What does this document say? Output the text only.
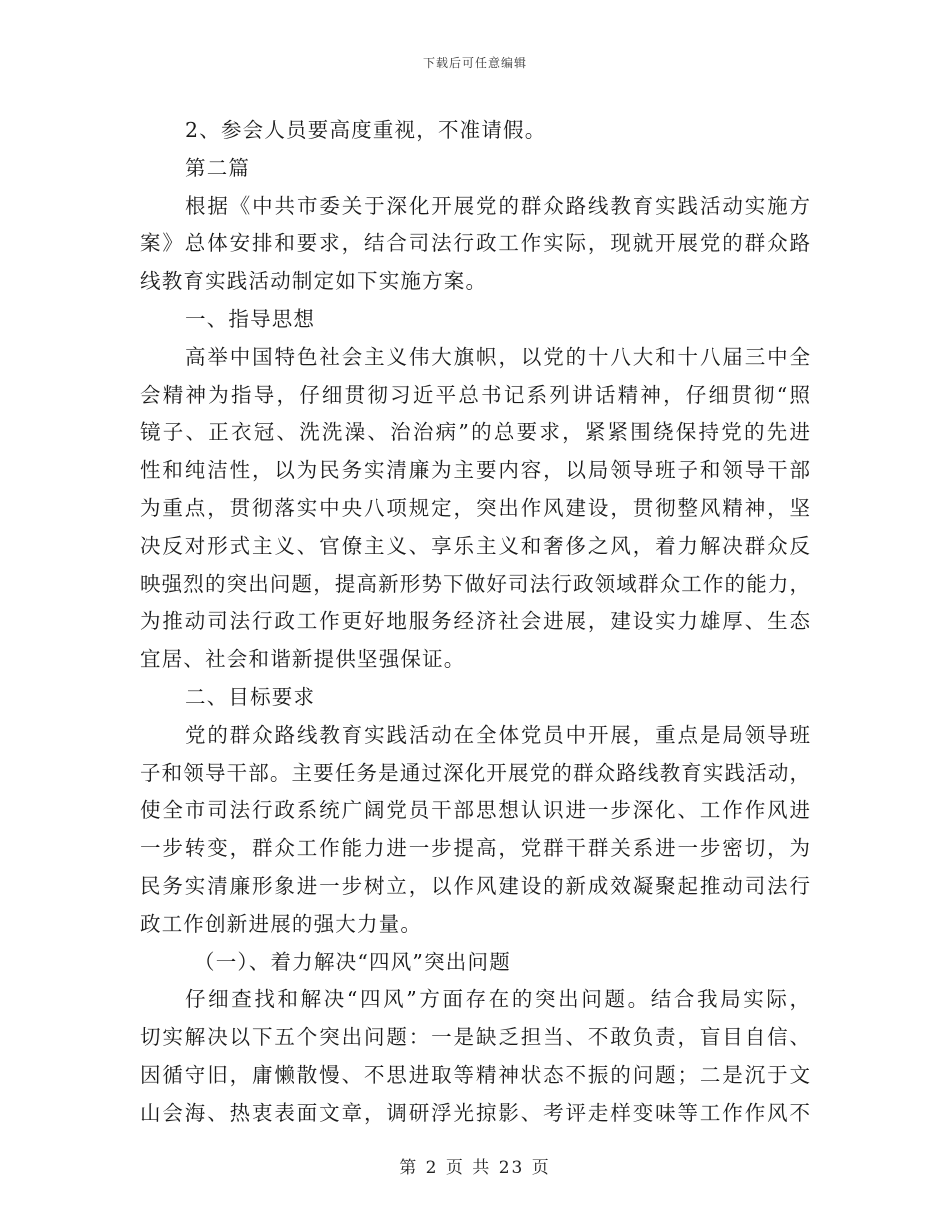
下载后可任意编辑
2、参会人员要高度重视，不准请假。
第二篇
根据《中共市委关于深化开展党的群众路线教育实践活动实施方
案》总体安排和要求，结合司法行政工作实际，现就开展党的群众路
线教育实践活动制定如下实施方案。
一、指导思想
高举中国特色社会主义伟大旗帜，以党的十八大和十八届三中全
会精神为指导，仔细贯彻习近平总书记系列讲话精神，仔细贯彻“照
镜子、正衣冠、洗洗澡、治治病”的总要求，紧紧围绕保持党的先进
性和纯洁性，以为民务实清廉为主要内容，以局领导班子和领导干部
为重点，贯彻落实中央八项规定，突出作风建设，贯彻整风精神，坚
决反对形式主义、官僚主义、享乐主义和奢侈之风，着力解决群众反
映强烈的突出问题，提高新形势下做好司法行政领域群众工作的能力，
为推动司法行政工作更好地服务经济社会进展，建设实力雄厚、生态
宜居、社会和谐新提供坚强保证。
二、目标要求
党的群众路线教育实践活动在全体党员中开展，重点是局领导班
子和领导干部。主要任务是通过深化开展党的群众路线教育实践活动，
使全市司法行政系统广阔党员干部思想认识进一步深化、工作作风进
一步转变，群众工作能力进一步提高，党群干群关系进一步密切，为
民务实清廉形象进一步树立，以作风建设的新成效凝聚起推动司法行
政工作创新进展的强大力量。
（一）、着力解决“四风”突出问题
仔细查找和解决“四风”方面存在的突出问题。结合我局实际，
切实解决以下五个突出问题：一是缺乏担当、不敢负责，盲目自信、
因循守旧，庸懒散慢、不思进取等精神状态不振的问题；二是沉于文
山会海、热衷表面文章，调研浮光掠影、考评走样变味等工作作风不
第 2 页 共 23 页
